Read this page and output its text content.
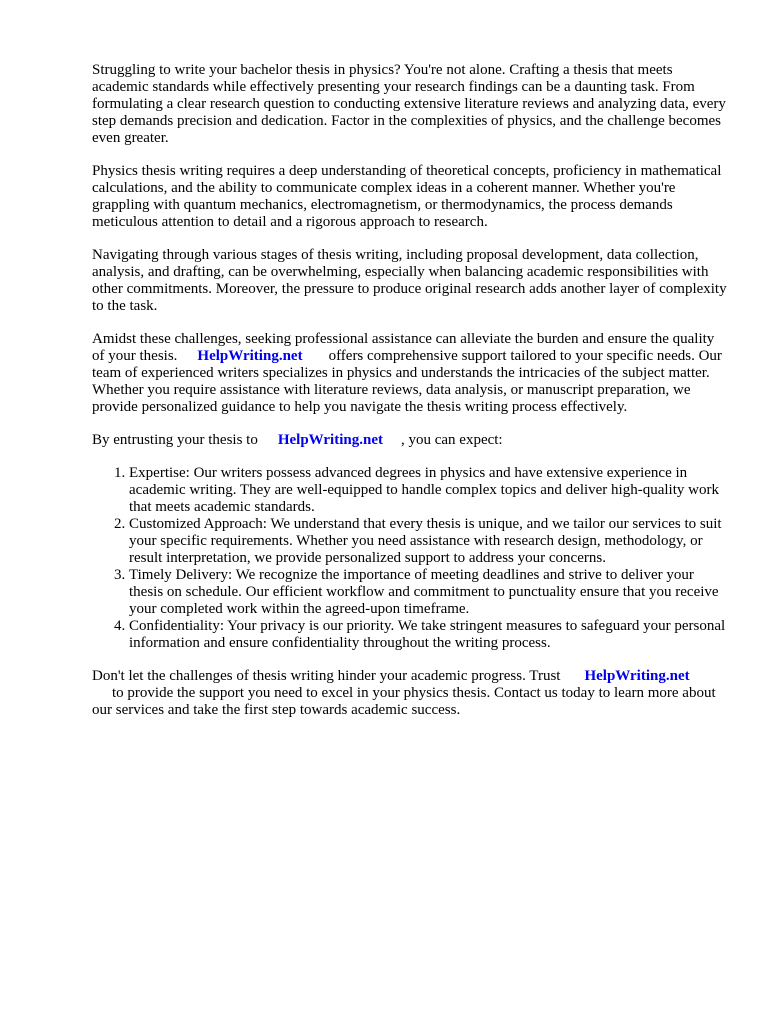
Struggling to write your bachelor thesis in physics? You're not alone. Crafting a thesis that meets academic standards while effectively presenting your research findings can be a daunting task. From formulating a clear research question to conducting extensive literature reviews and analyzing data, every step demands precision and dedication. Factor in the complexities of physics, and the challenge becomes even greater.

Physics thesis writing requires a deep understanding of theoretical concepts, proficiency in mathematical calculations, and the ability to communicate complex ideas in a coherent manner. Whether you're grappling with quantum mechanics, electromagnetism, or thermodynamics, the process demands meticulous attention to detail and a rigorous approach to research.

Navigating through various stages of thesis writing, including proposal development, data collection, analysis, and drafting, can be overwhelming, especially when balancing academic responsibilities with other commitments. Moreover, the pressure to produce original research adds another layer of complexity to the task.

Amidst these challenges, seeking professional assistance can alleviate the burden and ensure the quality of your thesis. HelpWriting.net offers comprehensive support tailored to your specific needs. Our team of experienced writers specializes in physics and understands the intricacies of the subject matter. Whether you require assistance with literature reviews, data analysis, or manuscript preparation, we provide personalized guidance to help you navigate the thesis writing process effectively.

By entrusting your thesis to HelpWriting.net , you can expect:

1. Expertise: Our writers possess advanced degrees in physics and have extensive experience in academic writing. They are well-equipped to handle complex topics and deliver high-quality work that meets academic standards.
2. Customized Approach: We understand that every thesis is unique, and we tailor our services to suit your specific requirements. Whether you need assistance with research design, methodology, or result interpretation, we provide personalized support to address your concerns.
3. Timely Delivery: We recognize the importance of meeting deadlines and strive to deliver your thesis on schedule. Our efficient workflow and commitment to punctuality ensure that you receive your completed work within the agreed-upon timeframe.
4. Confidentiality: Your privacy is our priority. We take stringent measures to safeguard your personal information and ensure confidentiality throughout the writing process.

Don't let the challenges of thesis writing hinder your academic progress. Trust HelpWriting.net
to provide the support you need to excel in your physics thesis. Contact us today to learn more about our services and take the first step towards academic success.
